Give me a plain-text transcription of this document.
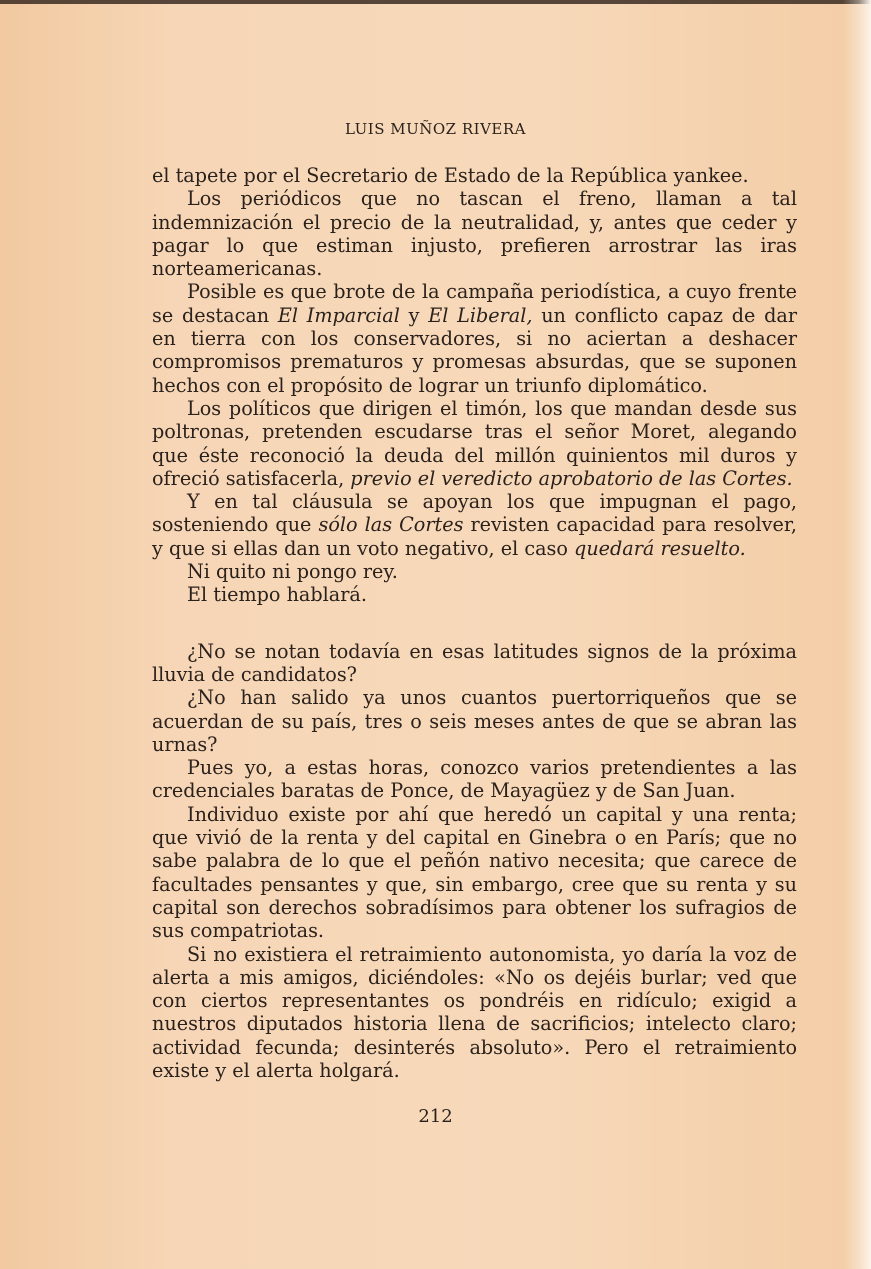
LUIS MUÑOZ RIVERA

el tapete por el Secretario de Estado de la República yankee.

Los periódicos que no tascan el freno, llaman a tal indemnización el precio de la neutralidad, y, antes que ceder y pagar lo que estiman injusto, prefieren arrostrar las iras norteamericanas.

Posible es que brote de la campaña periodística, a cuyo frente se destacan El Imparcial y El Liberal, un conflicto capaz de dar en tierra con los conservadores, si no aciertan a deshacer compromisos prematuros y promesas absurdas, que se suponen hechos con el propósito de lograr un triunfo diplomático.

Los políticos que dirigen el timón, los que mandan desde sus poltronas, pretenden escudarse tras el señor Moret, alegando que éste reconoció la deuda del millón quinientos mil duros y ofreció satisfacerla, previo el veredicto aprobatorio de las Cortes.

Y en tal cláusula se apoyan los que impugnan el pago, sosteniendo que sólo las Cortes revisten capacidad para resolver, y que si ellas dan un voto negativo, el caso quedará resuelto.

Ni quito ni pongo rey.

El tiempo hablará.

¿No se notan todavía en esas latitudes signos de la próxima lluvia de candidatos?

¿No han salido ya unos cuantos puertorriqueños que se acuerdan de su país, tres o seis meses antes de que se abran las urnas?

Pues yo, a estas horas, conozco varios pretendientes a las credenciales baratas de Ponce, de Mayagüez y de San Juan.

Individuo existe por ahí que heredó un capital y una renta; que vivió de la renta y del capital en Ginebra o en París; que no sabe palabra de lo que el peñón nativo necesita; que carece de facultades pensantes y que, sin embargo, cree que su renta y su capital son derechos sobradísimos para obtener los sufragios de sus compatriotas.

Si no existiera el retraimiento autonomista, yo daría la voz de alerta a mis amigos, diciéndoles: «No os dejéis burlar; ved que con ciertos representantes os pondréis en ridículo; exigid a nuestros diputados historia llena de sacrificios; intelecto claro; actividad fecunda; desinterés absoluto». Pero el retraimiento existe y el alerta holgará.

212
